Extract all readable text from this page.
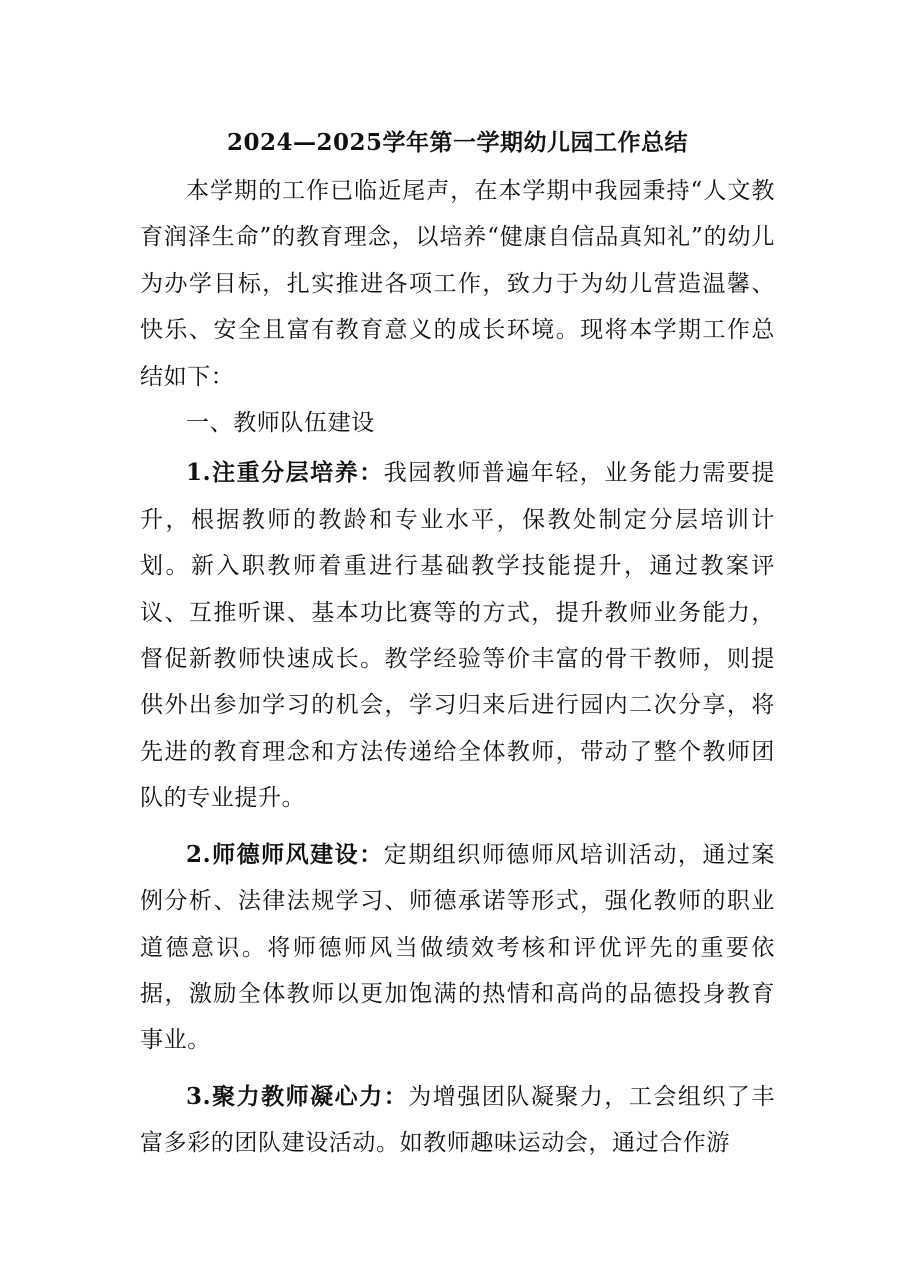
2024—2025学年第一学期幼儿园工作总结

本学期的工作已临近尾声，在本学期中我园秉持“人文教育润泽生命”的教育理念，以培养“健康自信品真知礼”的幼儿为办学目标，扎实推进各项工作，致力于为幼儿营造温馨、快乐、安全且富有教育意义的成长环境。现将本学期工作总结如下：

一、教师队伍建设

1.注重分层培养：我园教师普遍年轻，业务能力需要提升，根据教师的教龄和专业水平，保教处制定分层培训计划。新入职教师着重进行基础教学技能提升，通过教案评议、互推听课、基本功比赛等的方式，提升教师业务能力，督促新教师快速成长。教学经验等价丰富的骨干教师，则提供外出参加学习的机会，学习归来后进行园内二次分享，将先进的教育理念和方法传递给全体教师，带动了整个教师团队的专业提升。

2.师德师风建设：定期组织师德师风培训活动，通过案例分析、法律法规学习、师德承诺等形式，强化教师的职业道德意识。将师德师风当做绩效考核和评优评先的重要依据，激励全体教师以更加饱满的热情和高尚的品德投身教育事业。

3.聚力教师凝心力：为增强团队凝聚力，工会组织了丰富多彩的团队建设活动。如教师趣味运动会，通过合作游
